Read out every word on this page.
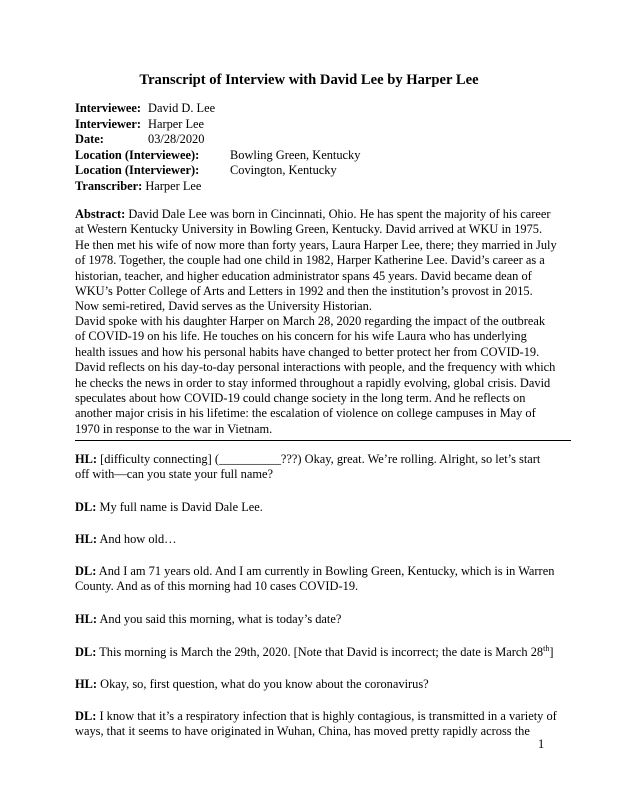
Transcript of Interview with David Lee by Harper Lee
Interviewee: David D. Lee
Interviewer: Harper Lee
Date:	03/28/2020
Location (Interviewee): Bowling Green, Kentucky
Location (Interviewer): Covington, Kentucky
Transcriber: Harper Lee

Abstract: David Dale Lee was born in Cincinnati, Ohio. He has spent the majority of his career
at Western Kentucky University in Bowling Green, Kentucky. David arrived at WKU in 1975.
He then met his wife of now more than forty years, Laura Harper Lee, there; they married in July
of 1978. Together, the couple had one child in 1982, Harper Katherine Lee. David’s career as a
historian, teacher, and higher education administrator spans 45 years. David became dean of
WKU’s Potter College of Arts and Letters in 1992 and then the institution’s provost in 2015.
Now semi-retired, David serves as the University Historian.

David spoke with his daughter Harper on March 28, 2020 regarding the impact of the outbreak
of COVID-19 on his life. He touches on his concern for his wife Laura who has underlying
health issues and how his personal habits have changed to better protect her from COVID-19.
David reflects on his day-to-day personal interactions with people, and the frequency with which
he checks the news in order to stay informed throughout a rapidly evolving, global crisis. David
speculates about how COVID-19 could change society in the long term. And he reflects on
another major crisis in his lifetime: the escalation of violence on college campuses in May of
1970 in response to the war in Vietnam.

HL: [difficulty connecting] (__________???) Okay, great. We’re rolling. Alright, so let’s start
off with—can you state your full name?

DL: My full name is David Dale Lee.

HL: And how old…

DL: And I am 71 years old. And I am currently in Bowling Green, Kentucky, which is in Warren
County. And as of this morning had 10 cases COVID-19.

HL: And you said this morning, what is today’s date?

DL: This morning is March the 29th, 2020. [Note that David is incorrect; the date is March 28th]

HL: Okay, so, first question, what do you know about the coronavirus?

DL: I know that it’s a respiratory infection that is highly contagious, is transmitted in a variety of
ways, that it seems to have originated in Wuhan, China, has moved pretty rapidly across the

1
